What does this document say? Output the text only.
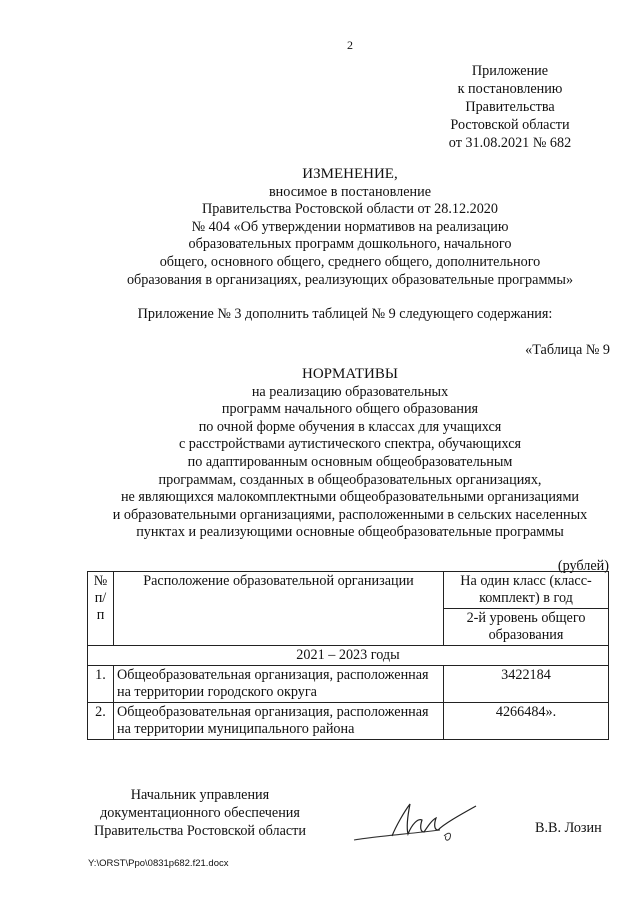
2
Приложение
к постановлению
Правительства
Ростовской области
от 31.08.2021 № 682
ИЗМЕНЕНИЕ,
вносимое в постановление
Правительства Ростовской области от 28.12.2020
№ 404 «Об утверждении нормативов на реализацию
образовательных программ дошкольного, начального
общего, основного общего, среднего общего, дополнительного
образования в организациях, реализующих образовательные программы»
Приложение № 3 дополнить таблицей № 9 следующего содержания:
«Таблица № 9
НОРМАТИВЫ
на реализацию образовательных
программ начального общего образования
по очной форме обучения в классах для учащихся
с расстройствами аутистического спектра, обучающихся
по адаптированным основным общеобразовательным
программам, созданных в общеобразовательных организациях,
не являющихся малокомплектными общеобразовательными организациями
и образовательными организациями, расположенными в сельских населенных
пунктах и реализующими основные общеобразовательные программы
(рублей)
№ п/п	Расположение образовательной организации	На один класс (класс-комплект) в год
		2-й уровень общего образования
2021 – 2023 годы		
1.	Общеобразовательная организация, расположенная на территории городского округа	3422184
2.	Общеобразовательная организация, расположенная на территории муниципального района	4266484».
Начальник управления
документационного обеспечения
Правительства Ростовской области	В.В. Лозин
Y:\ORST\Ppo\0831p682.f21.docx
